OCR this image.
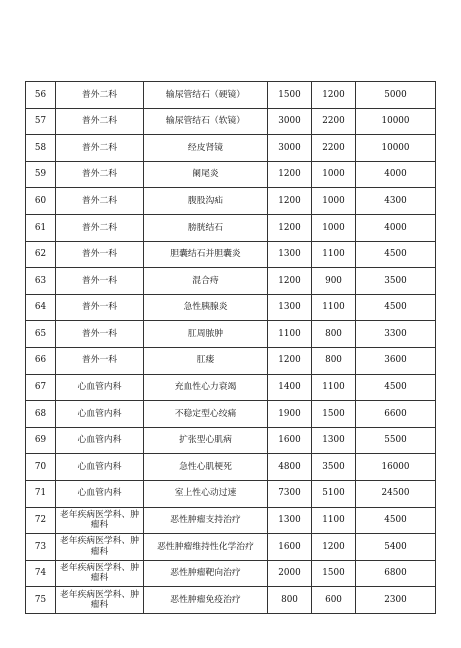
56	普外二科	输尿管结石（硬镜）	1500	1200	5000
57	普外二科	输尿管结石（软镜）	3000	2200	10000
58	普外二科	经皮肾镜	3000	2200	10000
59	普外二科	阑尾炎	1200	1000	4000
60	普外二科	腹股沟疝	1200	1000	4300
61	普外二科	膀胱结石	1200	1000	4000
62	普外一科	胆囊结石并胆囊炎	1300	1100	4500
63	普外一科	混合痔	1200	900	3500
64	普外一科	急性胰腺炎	1300	1100	4500
65	普外一科	肛周脓肿	1100	800	3300
66	普外一科	肛瘘	1200	800	3600
67	心血管内科	充血性心力衰竭	1400	1100	4500
68	心血管内科	不稳定型心绞痛	1900	1500	6600
69	心血管内科	扩张型心肌病	1600	1300	5500
70	心血管内科	急性心肌梗死	4800	3500	16000
71	心血管内科	室上性心动过速	7300	5100	24500
72	老年疾病医学科、肿瘤科	恶性肿瘤支持治疗	1300	1100	4500
73	老年疾病医学科、肿瘤科	恶性肿瘤维持性化学治疗	1600	1200	5400
74	老年疾病医学科、肿瘤科	恶性肿瘤靶向治疗	2000	1500	6800
75	老年疾病医学科、肿瘤科	恶性肿瘤免疫治疗	800	600	2300
